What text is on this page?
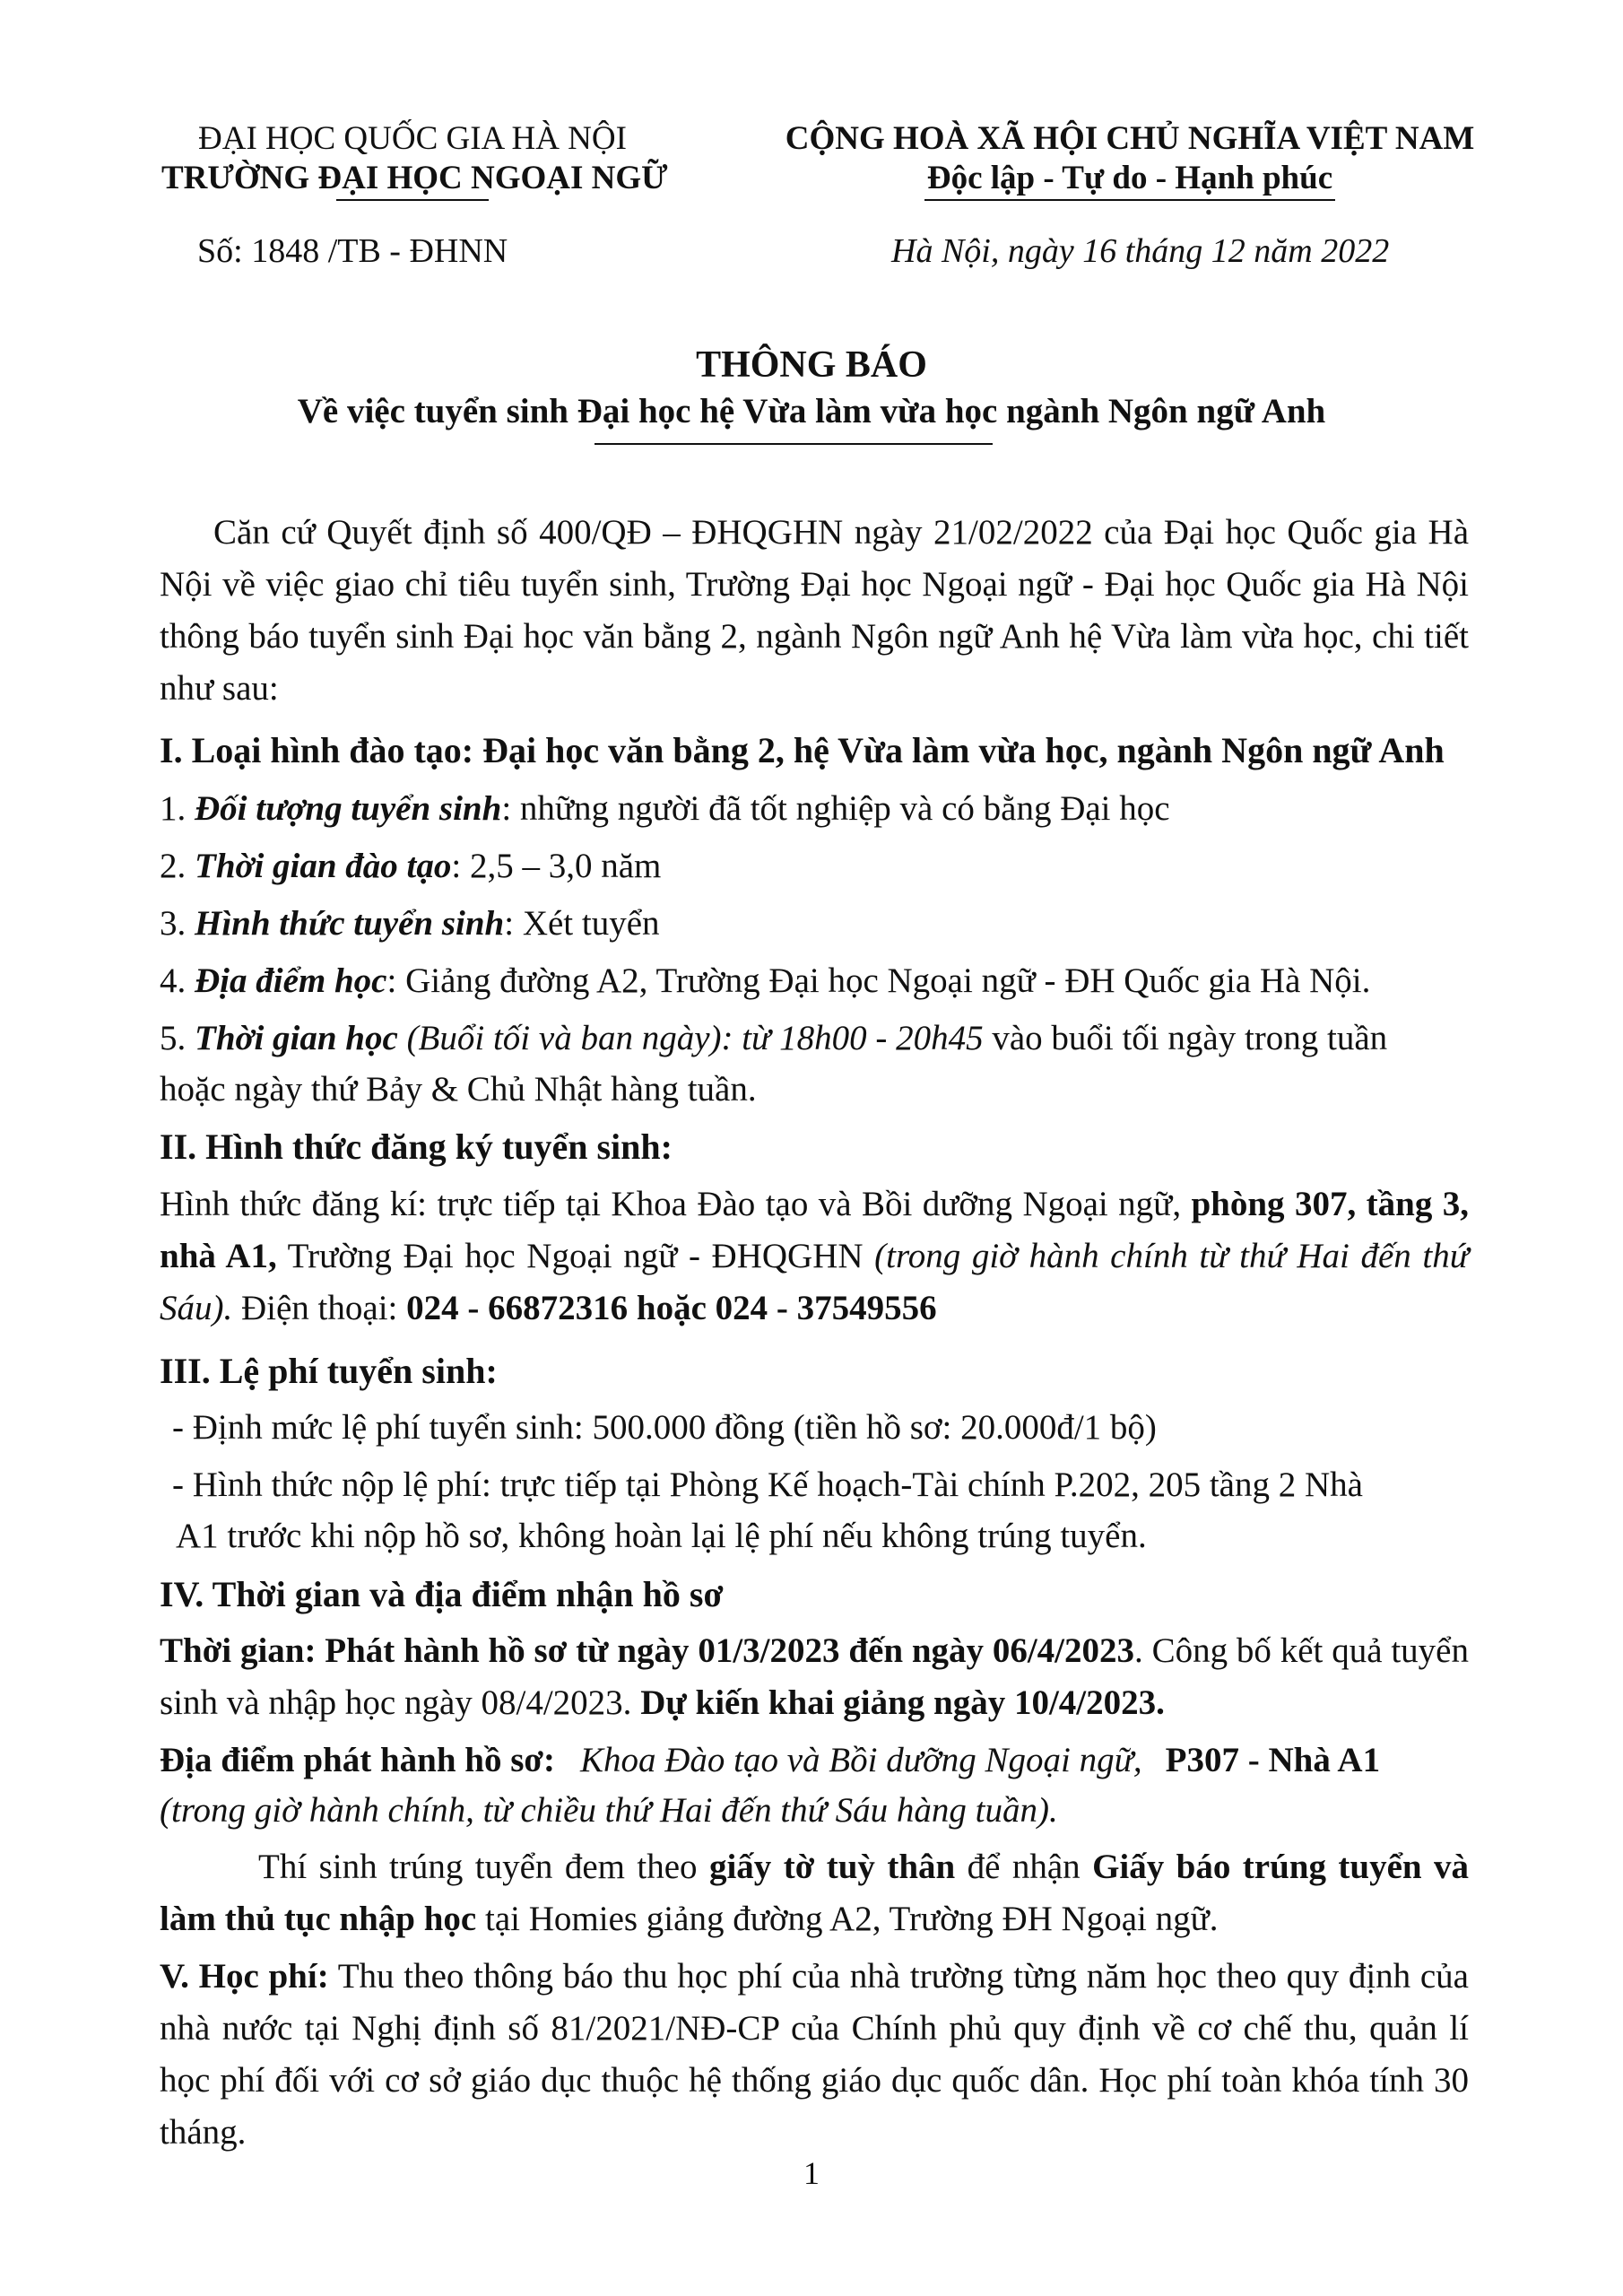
ĐẠI HỌC QUỐC GIA HÀ NỘI
TRƯỜNG ĐẠI HỌC NGOẠI NGỮ
CỘNG HOÀ XÃ HỘI CHỦ NGHĨA VIỆT NAM
Độc lập - Tự do - Hạnh phúc
Số: 1848 /TB - ĐHNN	Hà Nội, ngày 16 tháng 12 năm 2022
THÔNG BÁO
Về việc tuyển sinh Đại học hệ Vừa làm vừa học ngành Ngôn ngữ Anh
Căn cứ Quyết định số 400/QĐ – ĐHQGHN ngày 21/02/2022 của Đại học Quốc gia Hà Nội về việc giao chỉ tiêu tuyển sinh, Trường Đại học Ngoại ngữ - Đại học Quốc gia Hà Nội thông báo tuyển sinh Đại học văn bằng 2, ngành Ngôn ngữ Anh hệ Vừa làm vừa học, chi tiết như sau:
I. Loại hình đào tạo: Đại học văn bằng 2, hệ Vừa làm vừa học, ngành Ngôn ngữ Anh
1. Đối tượng tuyển sinh: những người đã tốt nghiệp và có bằng Đại học
2. Thời gian đào tạo: 2,5 – 3,0 năm
3. Hình thức tuyển sinh: Xét tuyển
4. Địa điểm học: Giảng đường A2, Trường Đại học Ngoại ngữ - ĐH Quốc gia Hà Nội.
5. Thời gian học (Buổi tối và ban ngày): từ 18h00 - 20h45 vào buổi tối ngày trong tuần
hoặc ngày thứ Bảy & Chủ Nhật hàng tuần.
II. Hình thức đăng ký tuyển sinh:
Hình thức đăng kí: trực tiếp tại Khoa Đào tạo và Bồi dưỡng Ngoại ngữ, phòng 307, tầng 3, nhà A1, Trường Đại học Ngoại ngữ - ĐHQGHN (trong giờ hành chính từ thứ Hai đến thứ Sáu). Điện thoại: 024 - 66872316 hoặc 024 - 37549556
III. Lệ phí tuyển sinh:
- Định mức lệ phí tuyển sinh: 500.000 đồng (tiền hồ sơ: 20.000đ/1 bộ)
- Hình thức nộp lệ phí: trực tiếp tại Phòng Kế hoạch-Tài chính P.202, 205 tầng 2 Nhà
A1 trước khi nộp hồ sơ, không hoàn lại lệ phí nếu không trúng tuyển.
IV. Thời gian và địa điểm nhận hồ sơ
Thời gian: Phát hành hồ sơ từ ngày 01/3/2023 đến ngày 06/4/2023. Công bố kết quả tuyển sinh và nhập học ngày 08/4/2023. Dự kiến khai giảng ngày 10/4/2023.
Địa điểm phát hành hồ sơ: Khoa Đào tạo và Bồi dưỡng Ngoại ngữ, P307 - Nhà A1
(trong giờ hành chính, từ chiều thứ Hai đến thứ Sáu hàng tuần).
Thí sinh trúng tuyển đem theo giấy tờ tuỳ thân để nhận Giấy báo trúng tuyển và làm thủ tục nhập học tại Homies giảng đường A2, Trường ĐH Ngoại ngữ.
V. Học phí: Thu theo thông báo thu học phí của nhà trường từng năm học theo quy định của nhà nước tại Nghị định số 81/2021/NĐ-CP của Chính phủ quy định về cơ chế thu, quản lí học phí đối với cơ sở giáo dục thuộc hệ thống giáo dục quốc dân. Học phí toàn khóa tính 30 tháng.
1
